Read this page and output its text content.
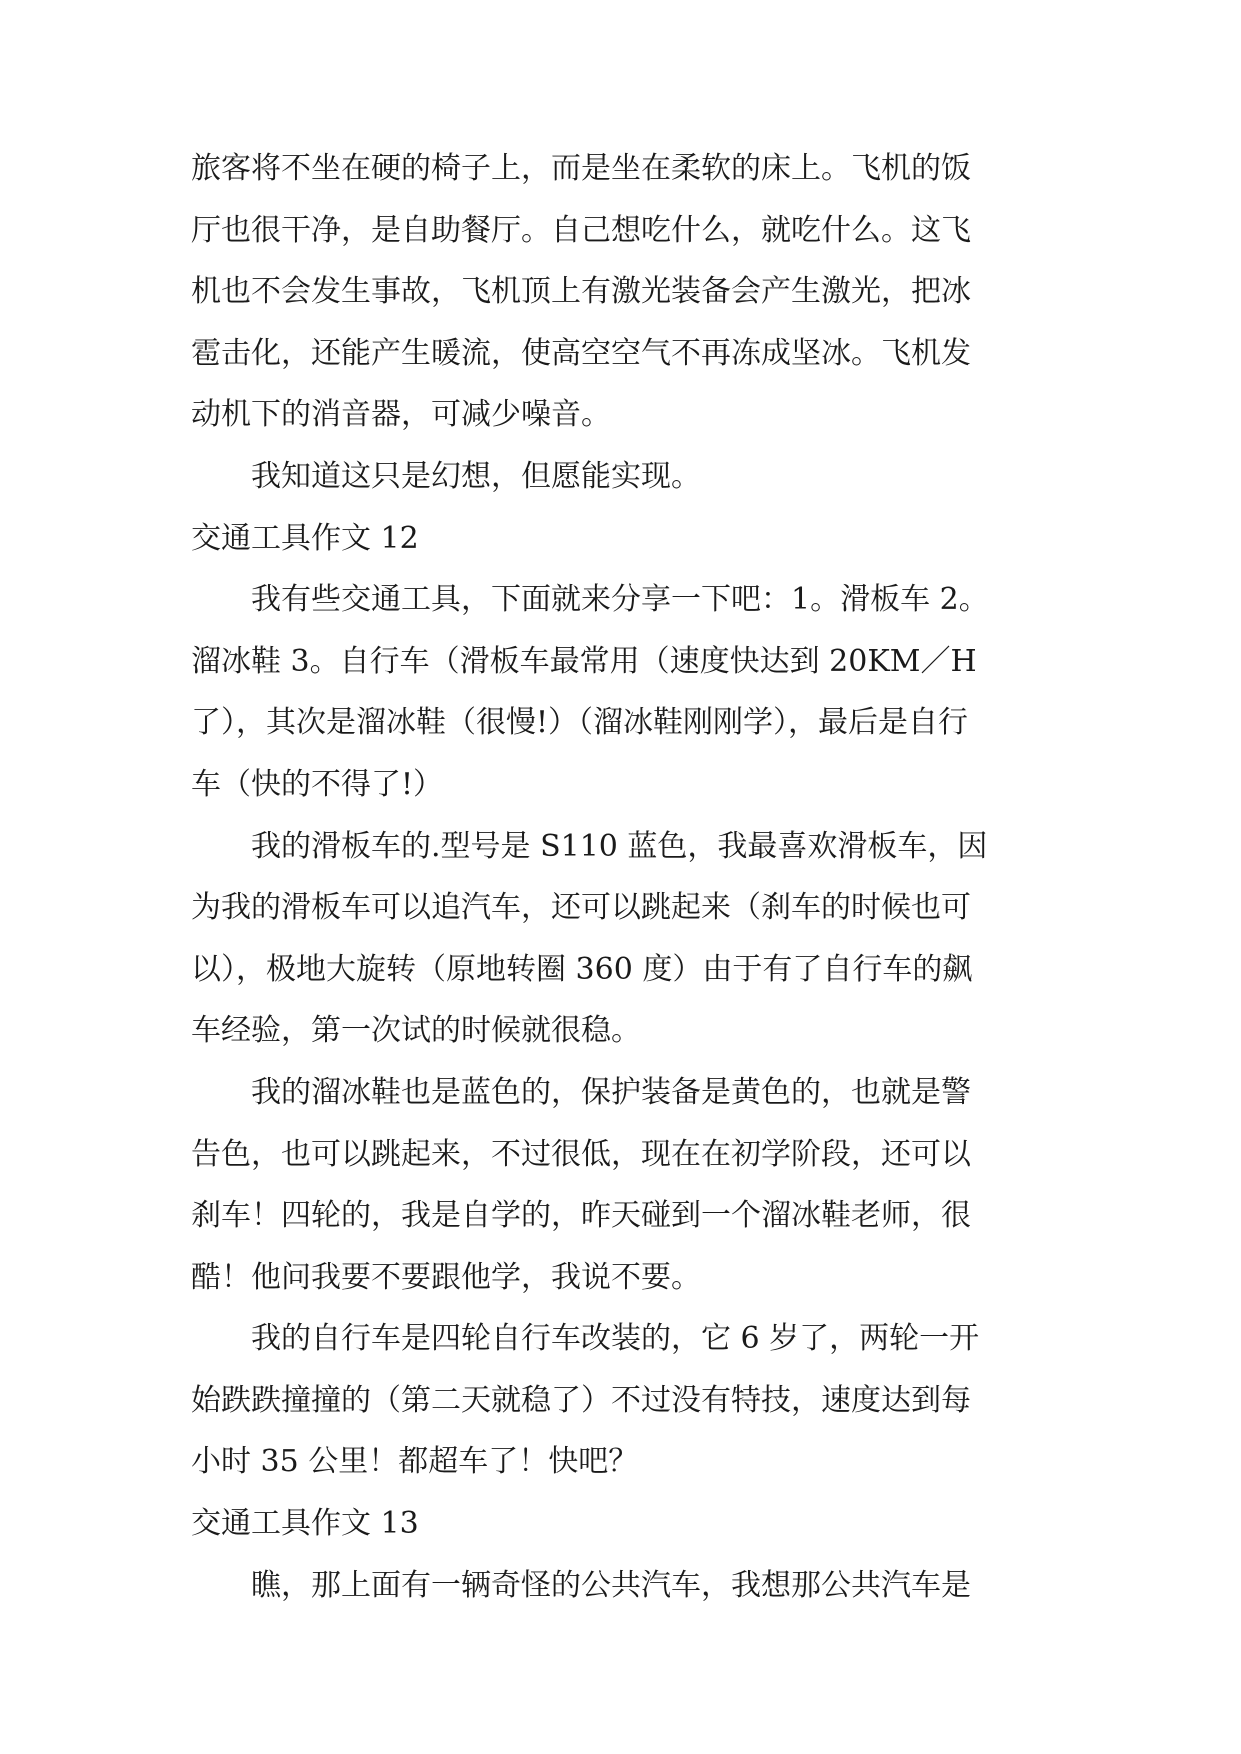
旅客将不坐在硬的椅子上，而是坐在柔软的床上。飞机的饭
厅也很干净，是自助餐厅。自己想吃什么，就吃什么。这飞
机也不会发生事故，飞机顶上有激光装备会产生激光，把冰
雹击化，还能产生暖流，使高空空气不再冻成坚冰。飞机发
动机下的消音器，可减少噪音。

　　我知道这只是幻想，但愿能实现。

交通工具作文 12

　　我有些交通工具，下面就来分享一下吧：1。滑板车 2。
溜冰鞋 3。自行车（滑板车最常用（速度快达到 20KM／H
了），其次是溜冰鞋（很慢!）（溜冰鞋刚刚学），最后是自行
车（快的不得了!）

　　我的滑板车的.型号是 S110 蓝色，我最喜欢滑板车，因
为我的滑板车可以追汽车，还可以跳起来（刹车的时候也可
以），极地大旋转（原地转圈 360 度）由于有了自行车的飙
车经验，第一次试的时候就很稳。

　　我的溜冰鞋也是蓝色的，保护装备是黄色的，也就是警
告色，也可以跳起来，不过很低，现在在初学阶段，还可以
刹车！四轮的，我是自学的，昨天碰到一个溜冰鞋老师，很
酷！他问我要不要跟他学，我说不要。

　　我的自行车是四轮自行车改装的，它 6 岁了，两轮一开
始跌跌撞撞的（第二天就稳了）不过没有特技，速度达到每
小时 35 公里！都超车了！快吧？

交通工具作文 13

　　瞧，那上面有一辆奇怪的公共汽车，我想那公共汽车是
